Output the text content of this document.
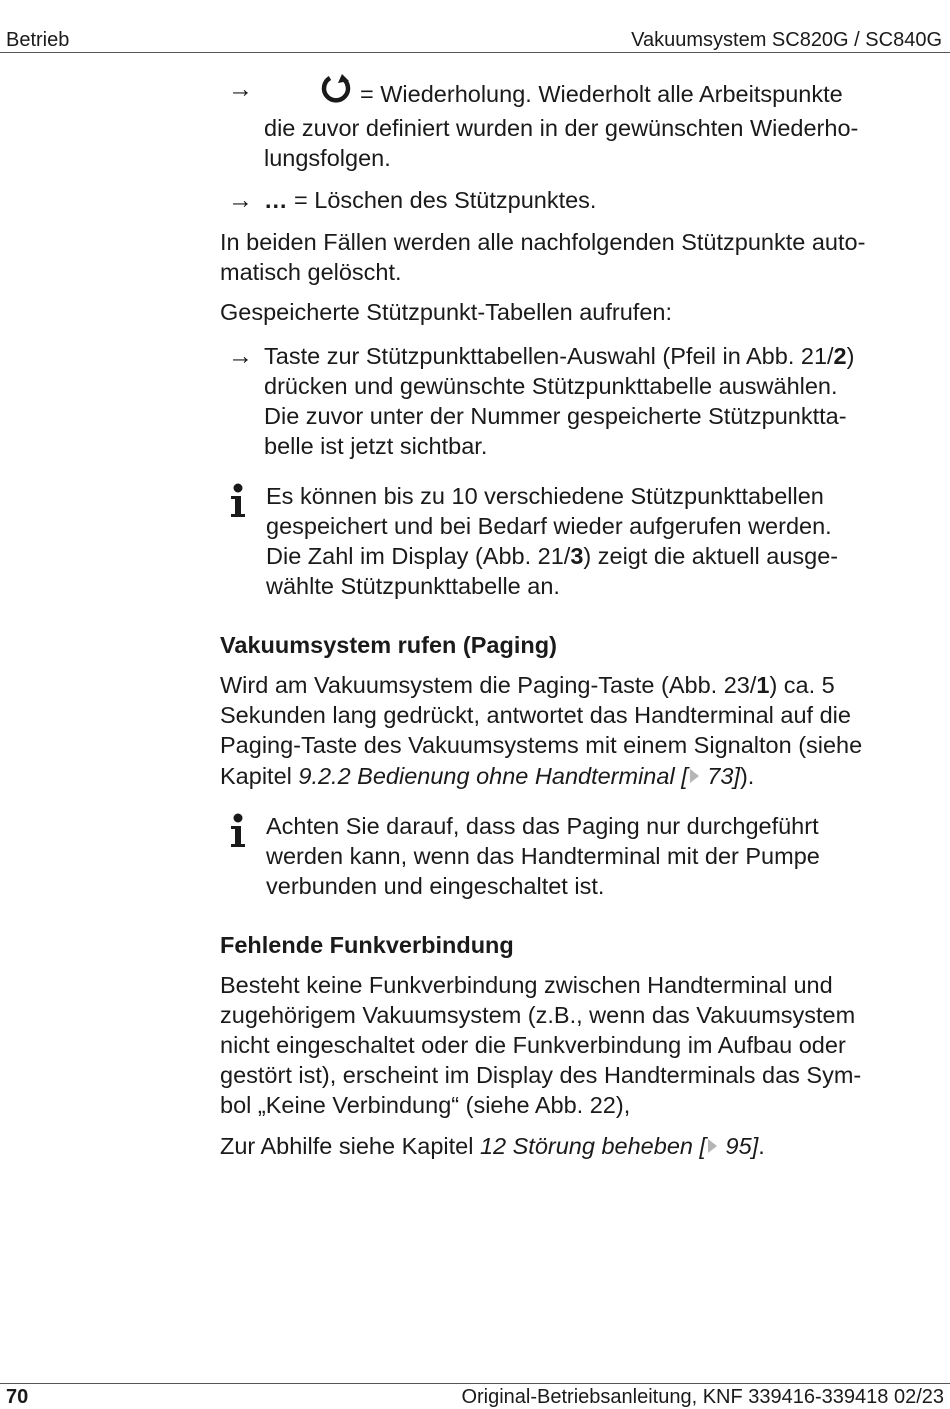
Betrieb	Vakuumsystem SC820G / SC840G
→	= Wiederholung. Wiederholt alle Arbeitspunkte
die zuvor definiert wurden in der gewünschten Wiederho-
lungsfolgen.
→ … = Löschen des Stützpunktes.

In beiden Fällen werden alle nachfolgenden Stützpunkte auto-
matisch gelöscht.

Gespeicherte Stützpunkt-Tabellen aufrufen:

→ Taste zur Stützpunkttabellen-Auswahl (Pfeil in Abb. 21/2)
drücken und gewünschte Stützpunkttabelle auswählen.
Die zuvor unter der Nummer gespeicherte Stützpunktta-
belle ist jetzt sichtbar.
Es können bis zu 10 verschiedene Stützpunkttabellen
gespeichert und bei Bedarf wieder aufgerufen werden.
Die Zahl im Display (Abb. 21/3) zeigt die aktuell ausge-
wählte Stützpunkttabelle an.
Vakuumsystem rufen (Paging)

Wird am Vakuumsystem die Paging-Taste (Abb. 23/1) ca. 5
Sekunden lang gedrückt, antwortet das Handterminal auf die
Paging-Taste des Vakuumsystems mit einem Signalton (siehe
Kapitel 9.2.2 Bedienung ohne Handterminal [ 73]).

Achten Sie darauf, dass das Paging nur durchgeführt
werden kann, wenn das Handterminal mit der Pumpe
verbunden und eingeschaltet ist.
Fehlende Funkverbindung

Besteht keine Funkverbindung zwischen Handterminal und
zugehörigem Vakuumsystem (z.B., wenn das Vakuumsystem
nicht eingeschaltet oder die Funkverbindung im Aufbau oder
gestört ist), erscheint im Display des Handterminals das Sym-
bol „Keine Verbindung“ (siehe Abb. 22),

Zur Abhilfe siehe Kapitel 12 Störung beheben [ 95].

70	Original-Betriebsanleitung, KNF 339416-339418 02/23
